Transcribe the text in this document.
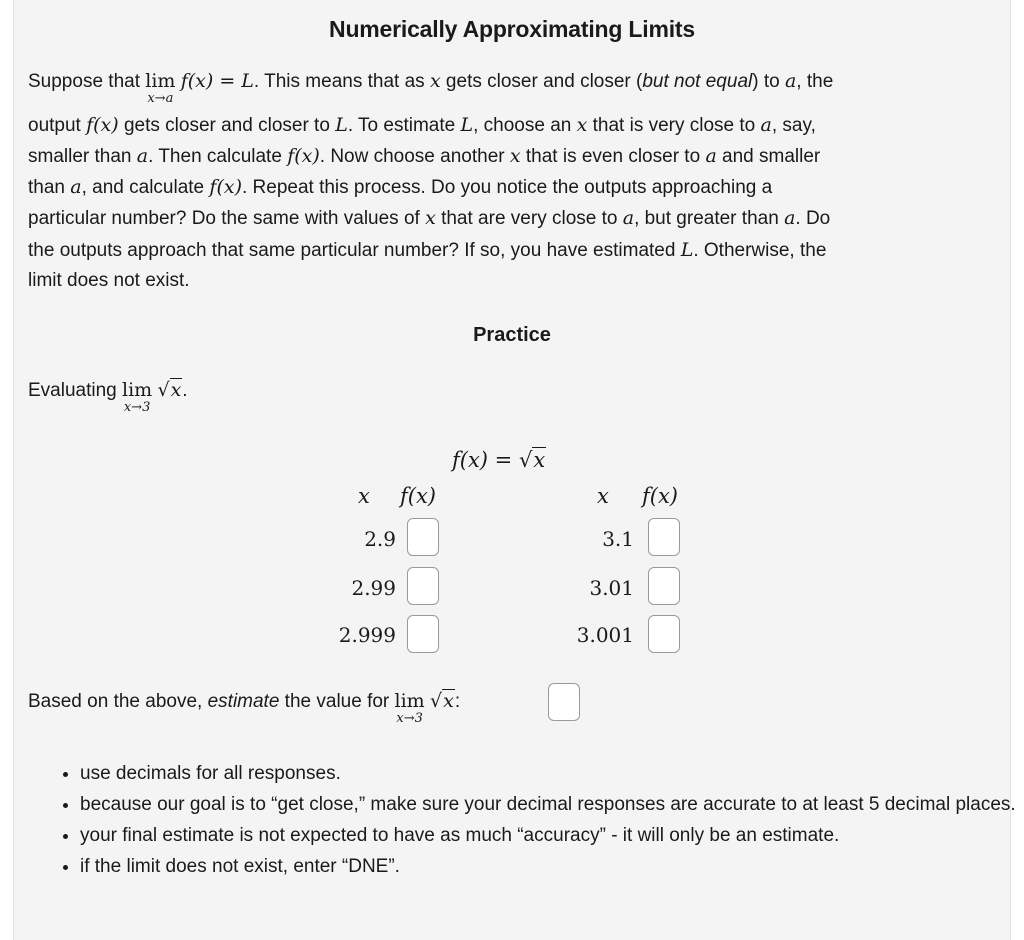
Numerically Approximating Limits
Suppose that lim
x→a
f(x) = L. This means that as x gets closer and closer (but not equal) to a, the
output f(x) gets closer and closer to L. To estimate L, choose an x that is very close to a, say,
smaller than a. Then calculate f(x). Now choose another x that is even closer to a and smaller
than a, and calculate f(x). Repeat this process. Do you notice the outputs approaching a
particular number? Do the same with values of x that are very close to a, but greater than a. Do
the outputs approach that same particular number? If so, you have estimated L. Otherwise, the
limit does not exist.
Practice
Evaluating lim
x→3
√x.
f(x) = √x
x f(x)	x f(x)
2.9
2.99
2.999
3.1
3.01
3.001
Based on the above, estimate the value for lim
x→3
√x:
• use decimals for all responses.
• because our goal is to “get close,” make sure your decimal responses are accurate to at least 5 decimal places.
• your final estimate is not expected to have as much “accuracy” - it will only be an estimate.
• if the limit does not exist, enter “DNE”.
